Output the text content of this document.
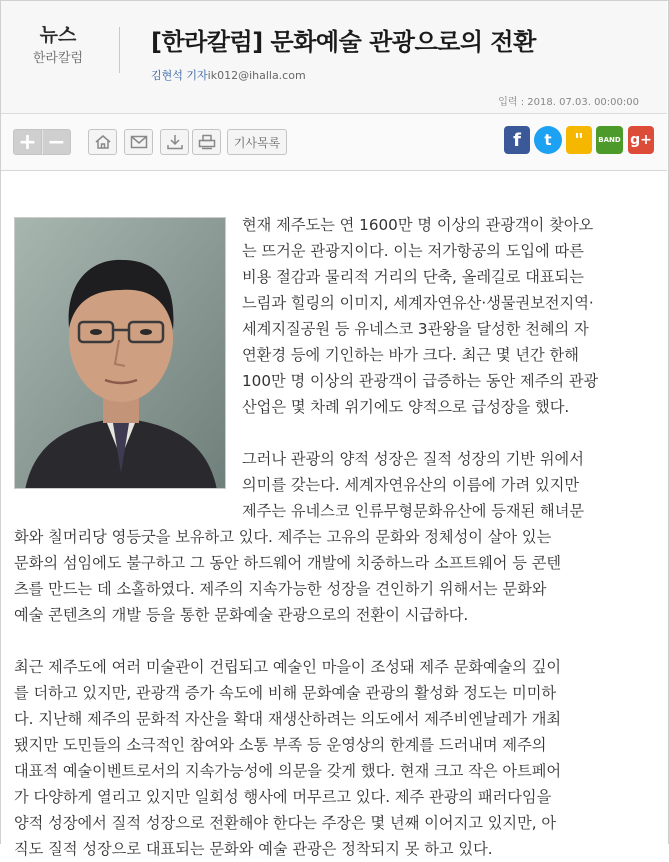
뉴스
한라칼럼
[한라칼럼] 문화예술 관광으로의 전환
김현석 기자ik012@ihalla.com
입력 : 2018. 07.03. 00:00:00
+ −	기사목록	f	t	"	BAND g+
현재 제주도는 연 1600만 명 이상의 관광객이 찾아오
는 뜨거운 관광지이다. 이는 저가항공의 도입에 따른
비용 절감과 물리적 거리의 단축, 올레길로 대표되는
느림과 힐링의 이미지, 세계자연유산·생물권보전지역·
세계지질공원 등 유네스코 3관왕을 달성한 천혜의 자
연환경 등에 기인하는 바가 크다. 최근 몇 년간 한해
100만 명 이상의 관광객이 급증하는 동안 제주의 관광
산업은 몇 차례 위기에도 양적으로 급성장을 했다.
그러나 관광의 양적 성장은 질적 성장의 기반 위에서
의미를 갖는다. 세계자연유산의 이름에 가려 있지만
제주는 유네스코 인류무형문화유산에 등재된 해녀문
화와 칠머리당 영등굿을 보유하고 있다. 제주는 고유의 문화와 정체성이 살아 있는
문화의 섬임에도 불구하고 그 동안 하드웨어 개발에 치중하느라 소프트웨어 등 콘텐
츠를 만드는 데 소홀하였다. 제주의 지속가능한 성장을 견인하기 위해서는 문화와
예술 콘텐츠의 개발 등을 통한 문화예술 관광으로의 전환이 시급하다.
최근 제주도에 여러 미술관이 건립되고 예술인 마을이 조성돼 제주 문화예술의 깊이
를 더하고 있지만, 관광객 증가 속도에 비해 문화예술 관광의 활성화 정도는 미미하
다. 지난해 제주의 문화적 자산을 확대 재생산하려는 의도에서 제주비엔날레가 개최
됐지만 도민들의 소극적인 참여와 소통 부족 등 운영상의 한계를 드러내며 제주의
대표적 예술이벤트로서의 지속가능성에 의문을 갖게 했다. 현재 크고 작은 아트페어
가 다양하게 열리고 있지만 일회성 행사에 머무르고 있다. 제주 관광의 패러다임을
양적 성장에서 질적 성장으로 전환해야 한다는 주장은 몇 년째 이어지고 있지만, 아
직도 질적 성장으로 대표되는 문화와 예술 관광은 정착되지 못 하고 있다.
